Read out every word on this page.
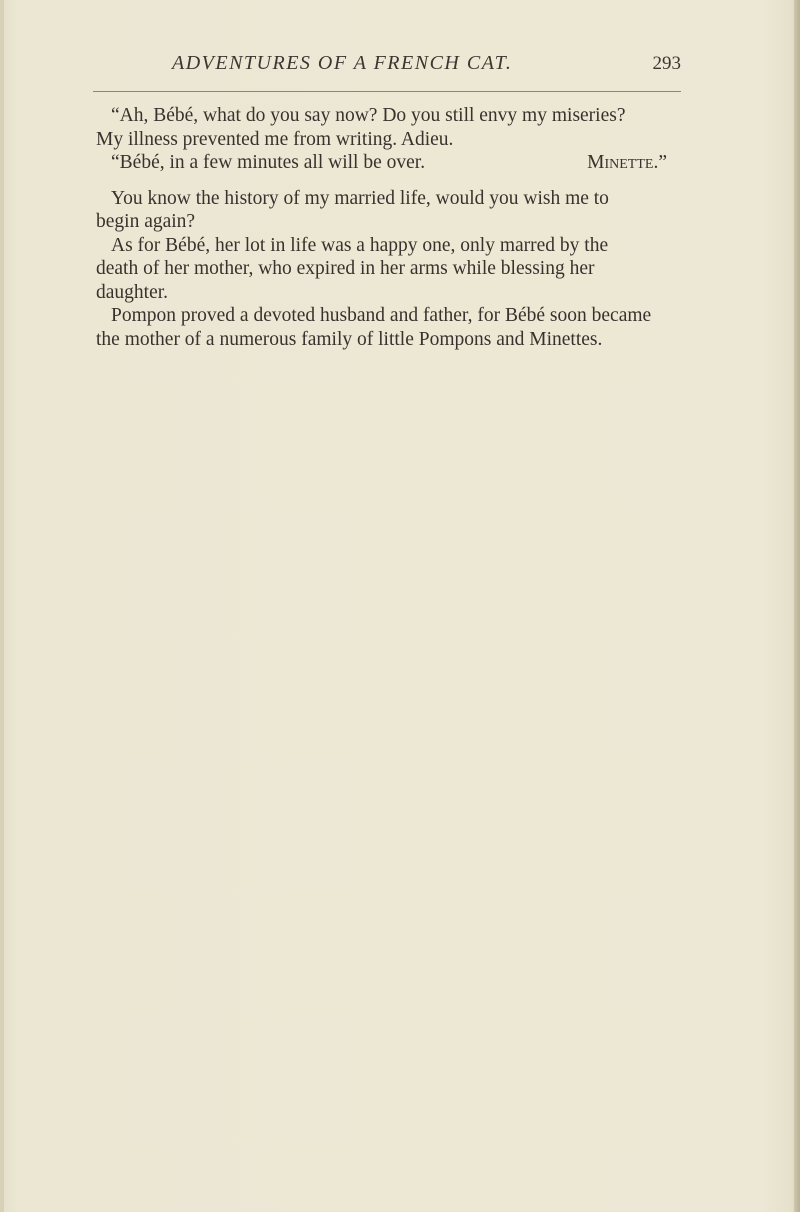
ADVENTURES OF A FRENCH CAT.	293
“Ah, Bébé, what do you say now? Do you still envy my miseries?
My illness prevented me from writing. Adieu.
“Bébé, in a few minutes all will be over.	Minette.”
You know the history of my married life, would you wish me to
begin again?
As for Bébé, her lot in life was a happy one, only marred by the
death of her mother, who expired in her arms while blessing her
daughter.
Pompon proved a devoted husband and father, for Bébé soon became
the mother of a numerous family of little Pompons and Minettes.
